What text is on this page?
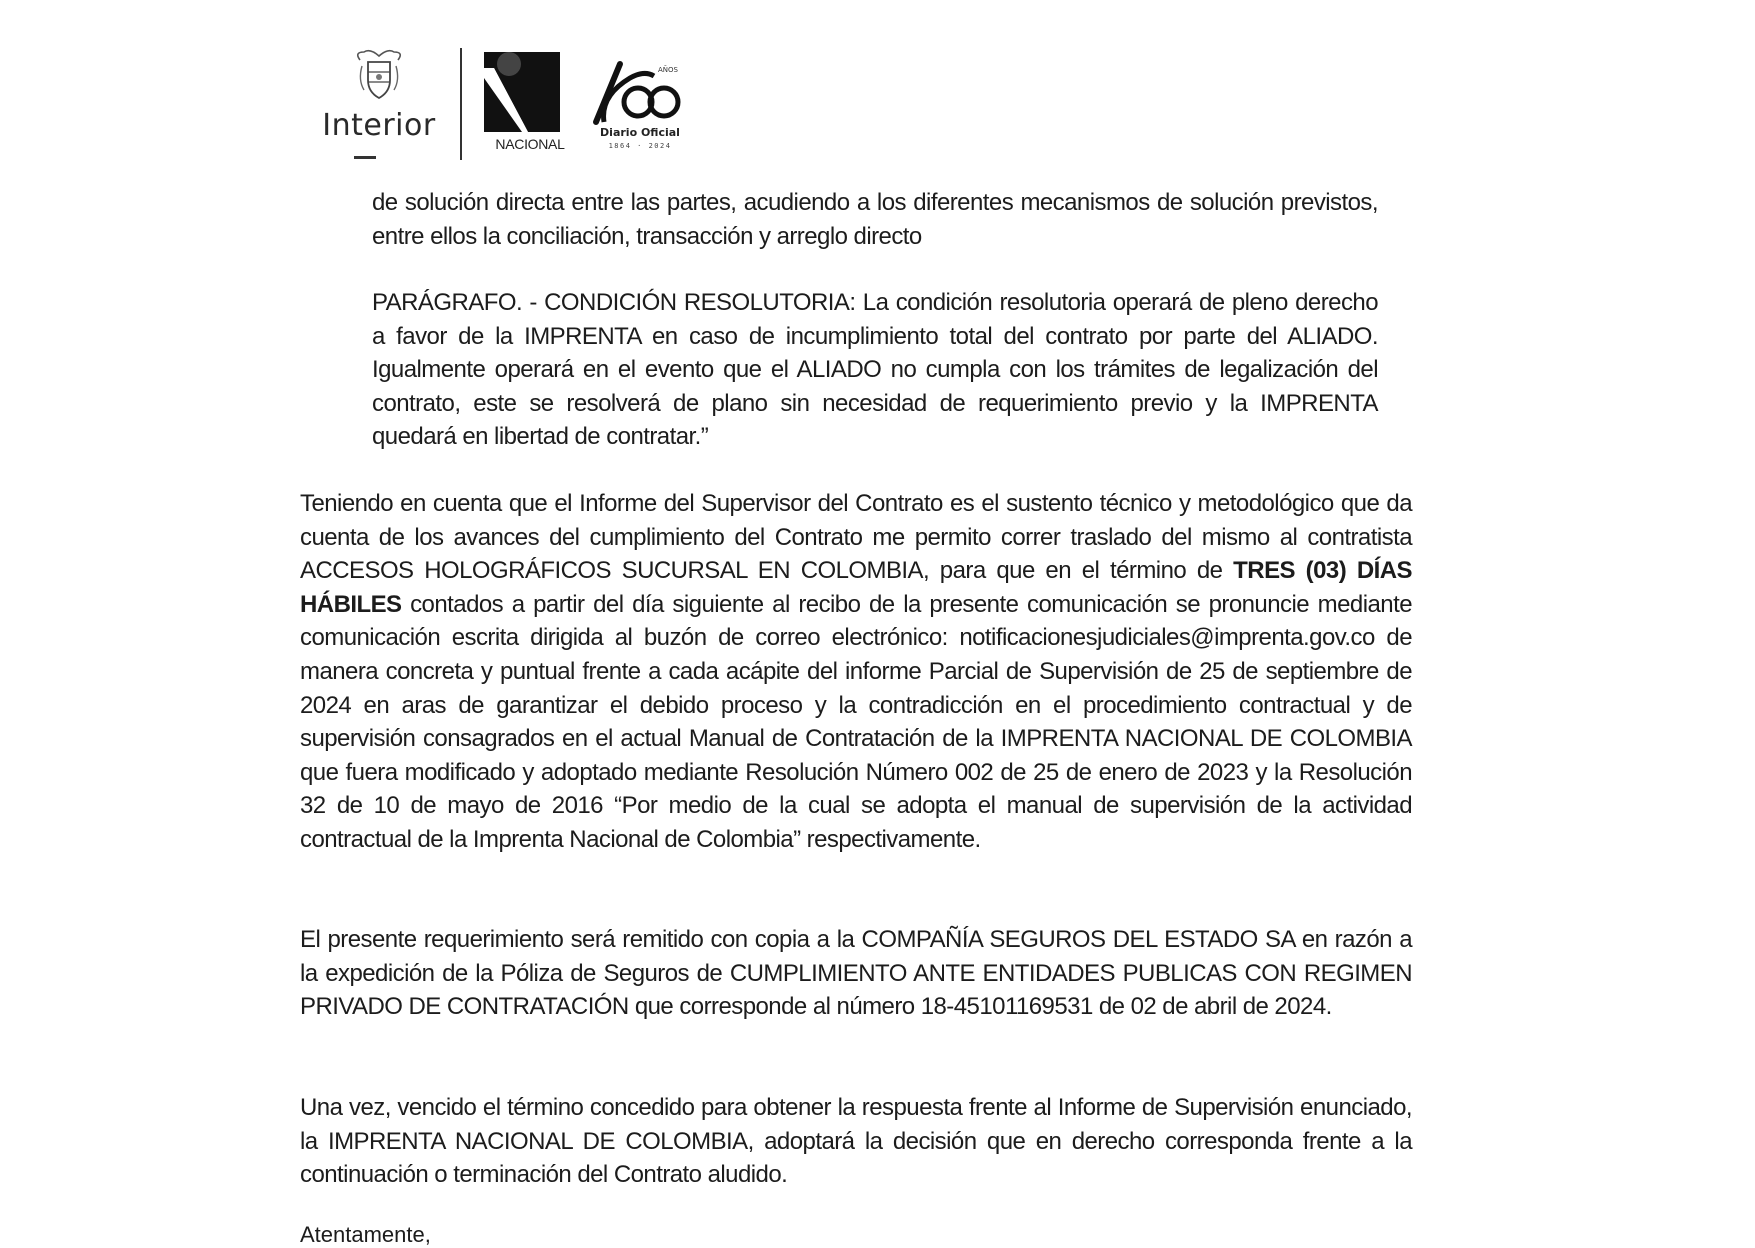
Interior
NACIONAL
AÑOS
Diario Oficial
1864 · 2024

de solución directa entre las partes, acudiendo a los diferentes mecanismos de solución previstos, entre ellos la conciliación, transacción y arreglo directo

PARÁGRAFO. - CONDICIÓN RESOLUTORIA: La condición resolutoria operará de pleno derecho a favor de la IMPRENTA en caso de incumplimiento total del contrato por parte del ALIADO. Igualmente operará en el evento que el ALIADO no cumpla con los trámites de legalización del contrato, este se resolverá de plano sin necesidad de requerimiento previo y la IMPRENTA quedará en libertad de contratar.”

Teniendo en cuenta que el Informe del Supervisor del Contrato es el sustento técnico y metodológico que da cuenta de los avances del cumplimiento del Contrato me permito correr traslado del mismo al contratista ACCESOS HOLOGRÁFICOS SUCURSAL EN COLOMBIA, para que en el término de TRES (03) DÍAS HÁBILES contados a partir del día siguiente al recibo de la presente comunicación se pronuncie mediante comunicación escrita dirigida al buzón de correo electrónico: notificacionesjudiciales@imprenta.gov.co de manera concreta y puntual frente a cada acápite del informe Parcial de Supervisión de 25 de septiembre de 2024 en aras de garantizar el debido proceso y la contradicción en el procedimiento contractual y de supervisión consagrados en el actual Manual de Contratación de la IMPRENTA NACIONAL DE COLOMBIA que fuera modificado y adoptado mediante Resolución Número 002 de 25 de enero de 2023 y la Resolución 32 de 10 de mayo de 2016 “Por medio de la cual se adopta el manual de supervisión de la actividad contractual de la Imprenta Nacional de Colombia” respectivamente.

El presente requerimiento será remitido con copia a la COMPAÑÍA SEGUROS DEL ESTADO SA en razón a la expedición de la Póliza de Seguros de CUMPLIMIENTO ANTE ENTIDADES PUBLICAS CON REGIMEN PRIVADO DE CONTRATACIÓN que corresponde al número 18-45101169531 de 02 de abril de 2024.

Una vez, vencido el término concedido para obtener la respuesta frente al Informe de Supervisión enunciado, la IMPRENTA NACIONAL DE COLOMBIA, adoptará la decisión que en derecho corresponda frente a la continuación o terminación del Contrato aludido.

Atentamente,
